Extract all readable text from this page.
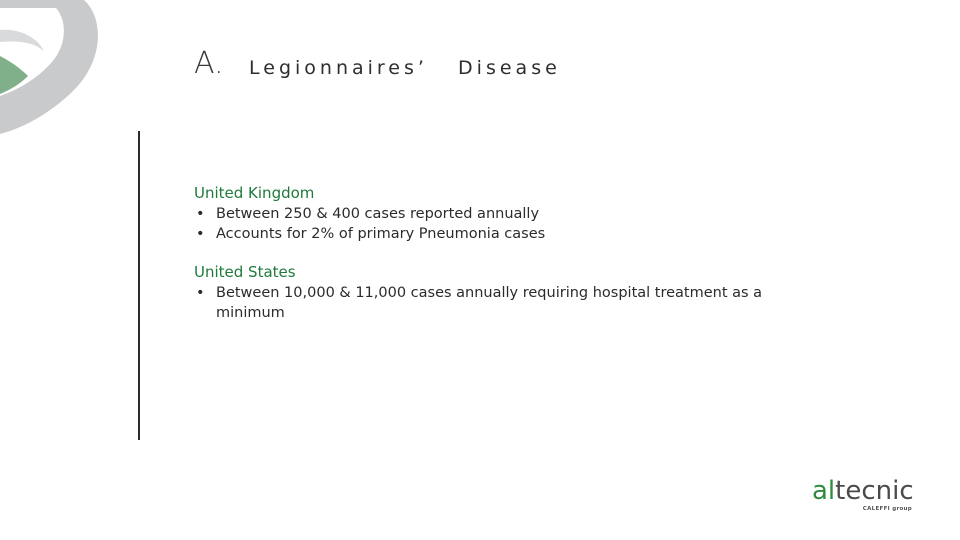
A. Legionnaires’   Disease

United Kingdom

• Between 250 & 400 cases reported annually
• Accounts for 2% of primary Pneumonia cases

United States

• Between 10,000 & 11,000 cases annually requiring hospital treatment as a minimum
altecnic
CALEFFI group
